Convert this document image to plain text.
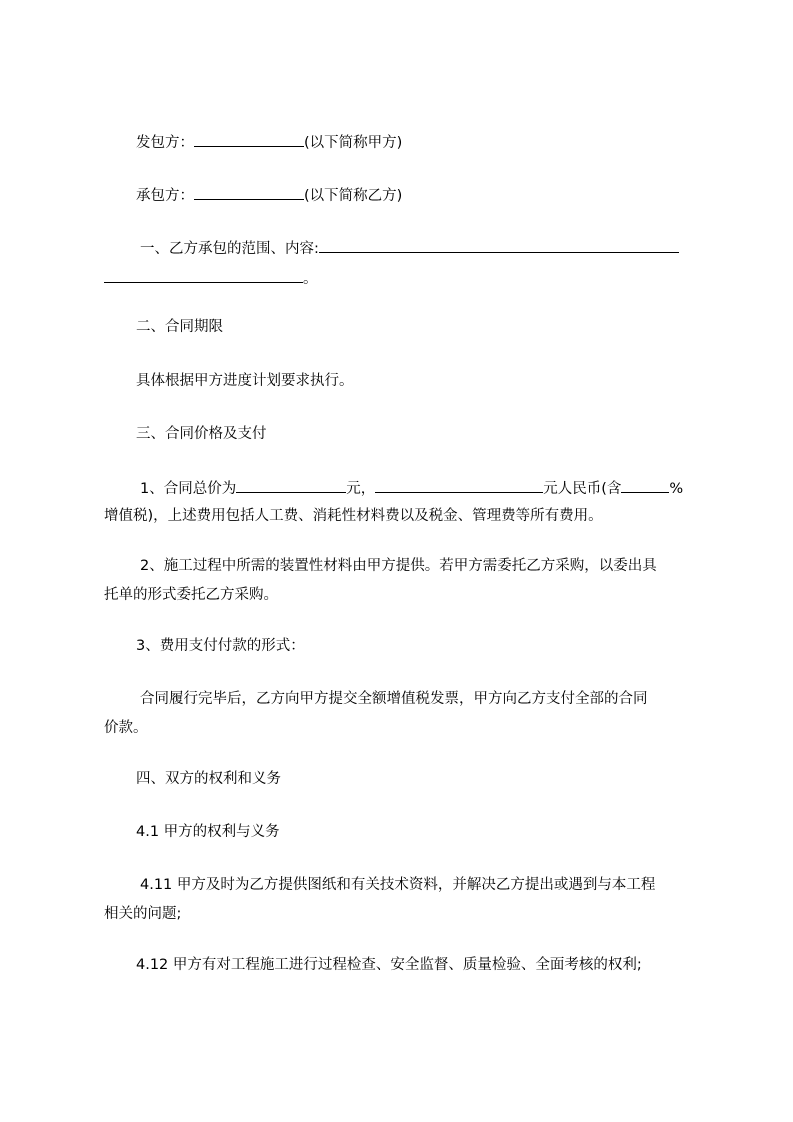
发包方：	(以下简称甲方)
承包方：	(以下简称乙方)
一、乙方承包的范围、内容:
。
二、合同期限
具体根据甲方进度计划要求执行。
三、合同价格及支付
1、合同总价为	元，	元人民币(含	%
增值税)，上述费用包括人工费、消耗性材料费以及税金、管理费等所有费用。
2、施工过程中所需的装置性材料由甲方提供。若甲方需委托乙方采购，以委出具
托单的形式委托乙方采购。
3、费用支付付款的形式：
合同履行完毕后，乙方向甲方提交全额增值税发票，甲方向乙方支付全部的合同
价款。
四、双方的权利和义务
4.1 甲方的权利与义务
4.11 甲方及时为乙方提供图纸和有关技术资料，并解决乙方提出或遇到与本工程
相关的问题;
4.12 甲方有对工程施工进行过程检查、安全监督、质量检验、全面考核的权利;
